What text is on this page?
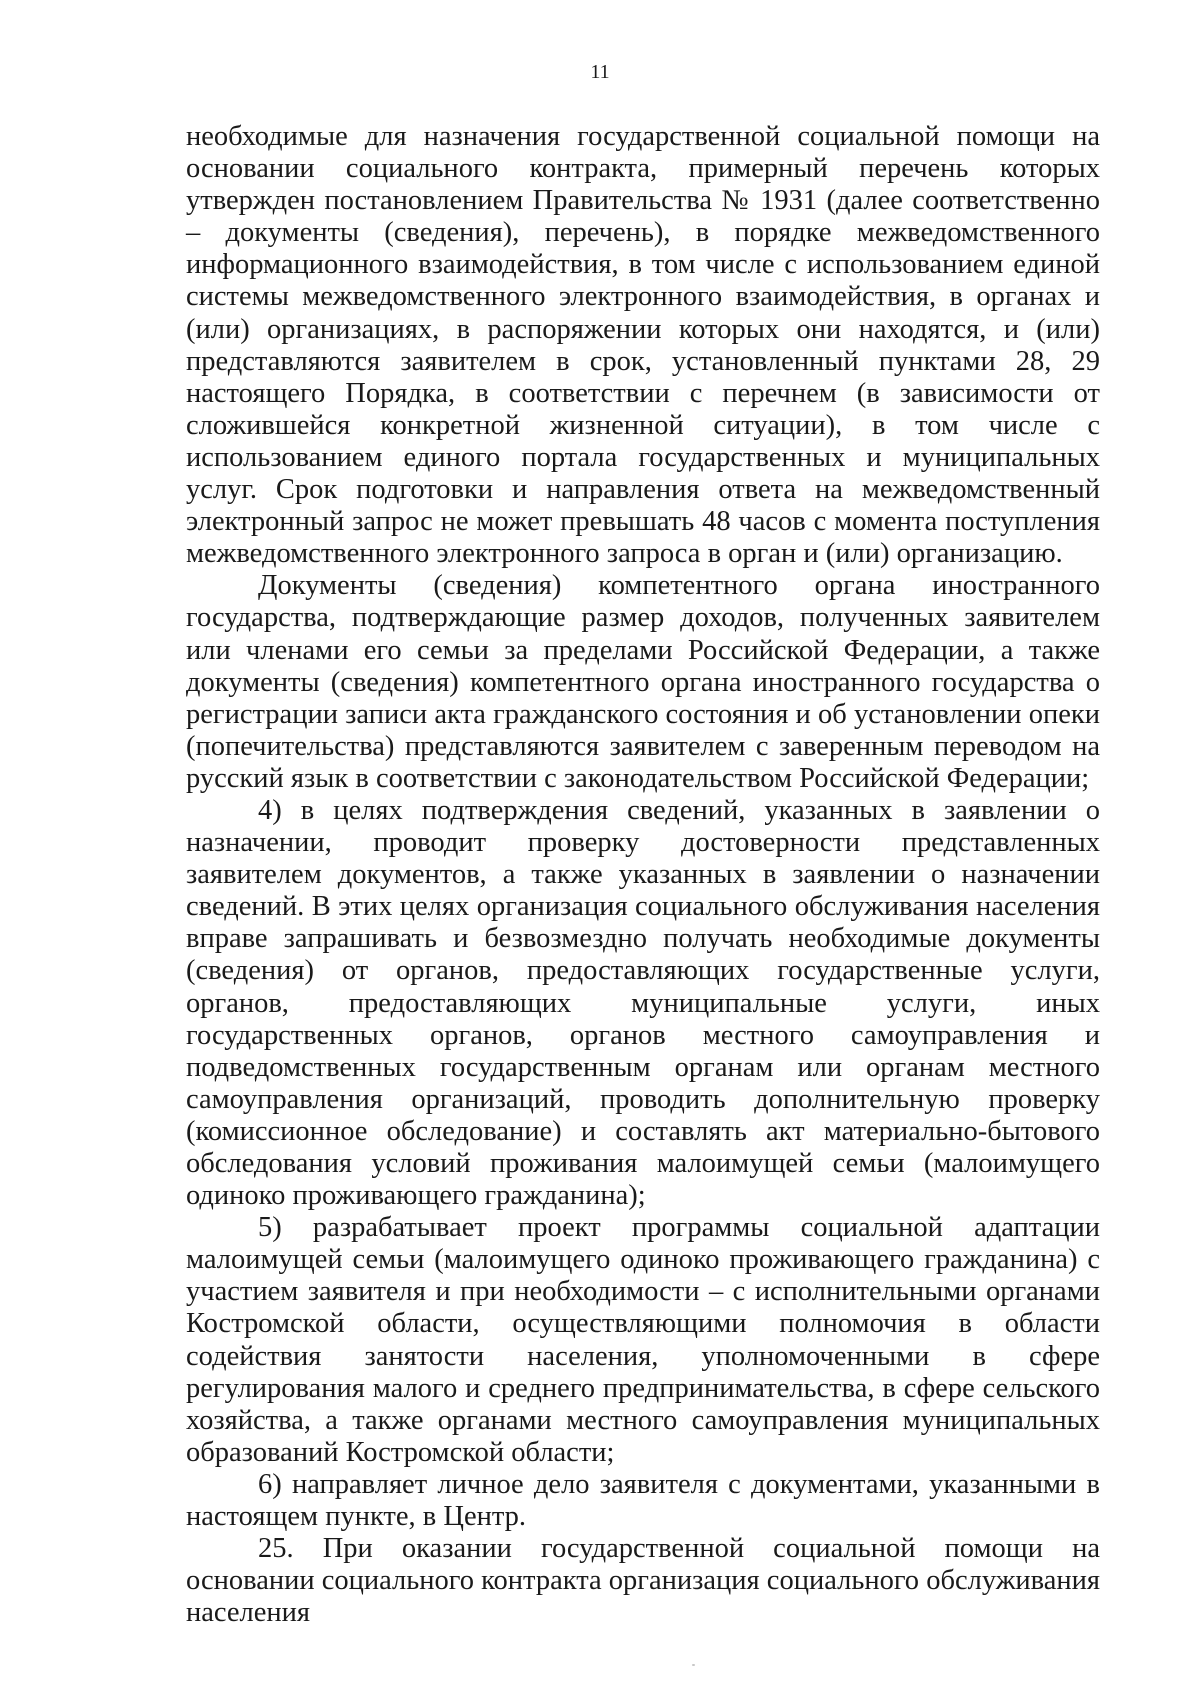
11

необходимые для назначения государственной социальной помощи на основании социального контракта, примерный перечень которых утвержден постановлением Правительства № 1931 (далее соответственно – документы (сведения), перечень), в порядке межведомственного информационного взаимодействия, в том числе с использованием единой системы межведомственного электронного взаимодействия, в органах и (или) организациях, в распоряжении которых они находятся, и (или) представляются заявителем в срок, установленный пунктами 28, 29 настоящего Порядка, в соответствии с перечнем (в зависимости от сложившейся конкретной жизненной ситуации), в том числе с использованием единого портала государственных и муниципальных услуг. Срок подготовки и направления ответа на межведомственный электронный запрос не может превышать 48 часов с момента поступления межведомственного электронного запроса в орган и (или) организацию.

Документы (сведения) компетентного органа иностранного государства, подтверждающие размер доходов, полученных заявителем или членами его семьи за пределами Российской Федерации, а также документы (сведения) компетентного органа иностранного государства о регистрации записи акта гражданского состояния и об установлении опеки (попечительства) представляются заявителем с заверенным переводом на русский язык в соответствии с законодательством Российской Федерации;

4) в целях подтверждения сведений, указанных в заявлении о назначении, проводит проверку достоверности представленных заявителем документов, а также указанных в заявлении о назначении сведений. В этих целях организация социального обслуживания населения вправе запрашивать и безвозмездно получать необходимые документы (сведения) от органов, предоставляющих государственные услуги, органов, предоставляющих муниципальные услуги, иных государственных органов, органов местного самоуправления и подведомственных государственным органам или органам местного самоуправления организаций, проводить дополнительную проверку (комиссионное обследование) и составлять акт материально-бытового обследования условий проживания малоимущей семьи (малоимущего одиноко проживающего гражданина);

5) разрабатывает проект программы социальной адаптации малоимущей семьи (малоимущего одиноко проживающего гражданина) с участием заявителя и при необходимости – с исполнительными органами Костромской области, осуществляющими полномочия в области содействия занятости населения, уполномоченными в сфере регулирования малого и среднего предпринимательства, в сфере сельского хозяйства, а также органами местного самоуправления муниципальных образований Костромской области;

6) направляет личное дело заявителя с документами, указанными в настоящем пункте, в Центр.

25. При оказании государственной социальной помощи на основании социального контракта организация социального обслуживания населения
